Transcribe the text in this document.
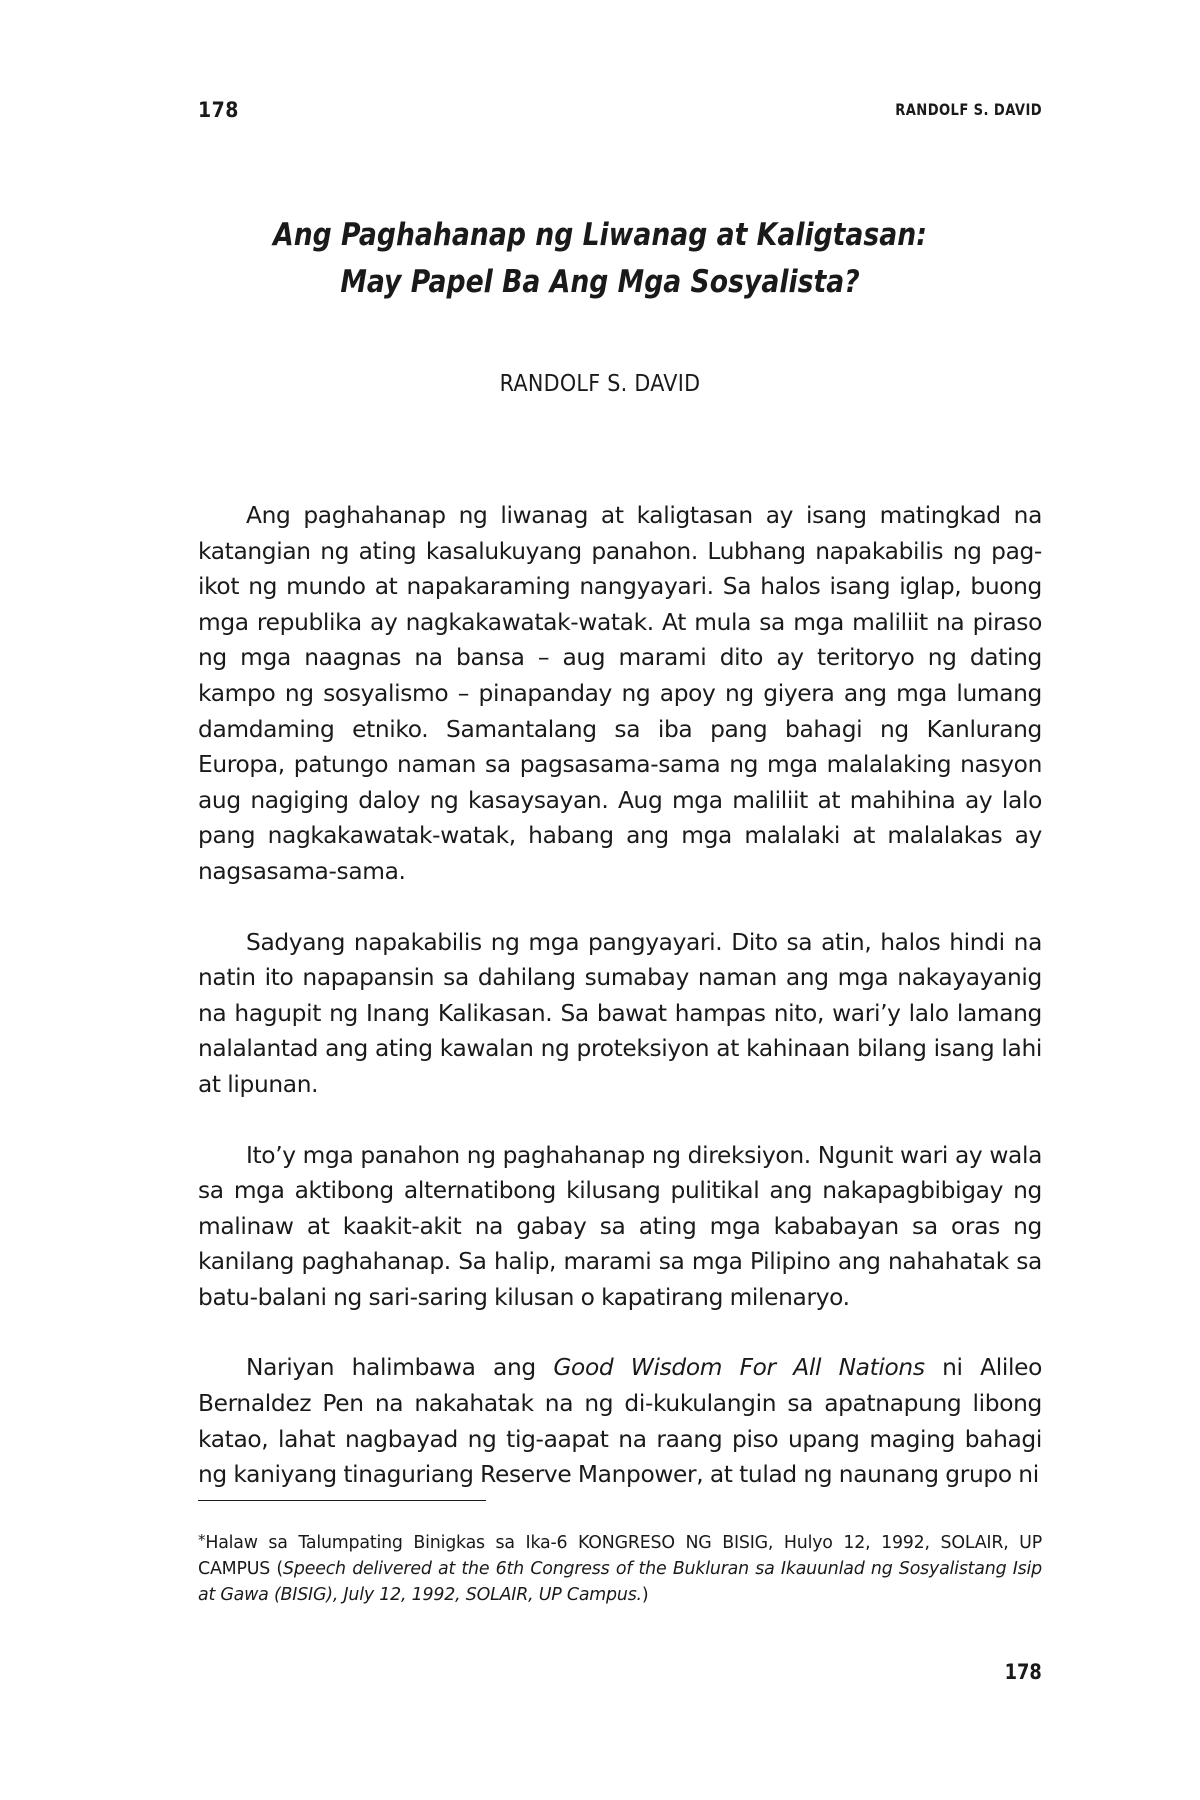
178	RANDOLF S. DAVID
Ang Paghahanap ng Liwanag at Kaligtasan:
May Papel Ba Ang Mga Sosyalista?
RANDOLF S. DAVID

Ang paghahanap ng liwanag at kaligtasan ay isang matingkad na katangian ng ating kasalukuyang panahon. Lubhang napakabilis ng pag-ikot ng mundo at napakaraming nangyayari. Sa halos isang iglap, buong mga republika ay nagkakawatak-watak. At mula sa mga maliliit na piraso ng mga naagnas na bansa – aug marami dito ay teritoryo ng dating kampo ng sosyalismo – pinapanday ng apoy ng giyera ang mga lumang damdaming etniko. Samantalang sa iba pang bahagi ng Kanlurang Europa, patungo naman sa pagsasama-sama ng mga malalaking nasyon aug nagiging daloy ng kasaysayan. Aug mga maliliit at mahihina ay lalo pang nagkakawatak-watak, habang ang mga malalaki at malalakas ay nagsasama-sama.

Sadyang napakabilis ng mga pangyayari. Dito sa atin, halos hindi na natin ito napapansin sa dahilang sumabay naman ang mga nakayayanig na hagupit ng Inang Kalikasan. Sa bawat hampas nito, wari’y lalo lamang nalalantad ang ating kawalan ng proteksiyon at kahinaan bilang isang lahi at lipunan.

Ito’y mga panahon ng paghahanap ng direksiyon. Ngunit wari ay wala sa mga aktibong alternatibong kilusang pulitikal ang nakapagbibigay ng malinaw at kaakit-akit na gabay sa ating mga kababayan sa oras ng kanilang paghahanap. Sa halip, marami sa mga Pilipino ang nahahatak sa batu-balani ng sari-saring kilusan o kapatirang milenaryo.

Nariyan halimbawa ang Good Wisdom For All Nations ni Alileo Bernaldez Pen na nakahatak na ng di-kukulangin sa apatnapung libong katao, lahat nagbayad ng tig-aapat na raang piso upang maging bahagi ng kaniyang tinaguriang Reserve Manpower, at tulad ng naunang grupo ni

*Halaw sa Talumpating Binigkas sa Ika-6 KONGRESO NG BISIG, Hulyo 12, 1992, SOLAIR, UP CAMPUS (Speech delivered at the 6th Congress of the Bukluran sa Ikauunlad ng Sosyalistang Isip at Gawa (BISIG), July 12, 1992, SOLAIR, UP Campus.)
178
